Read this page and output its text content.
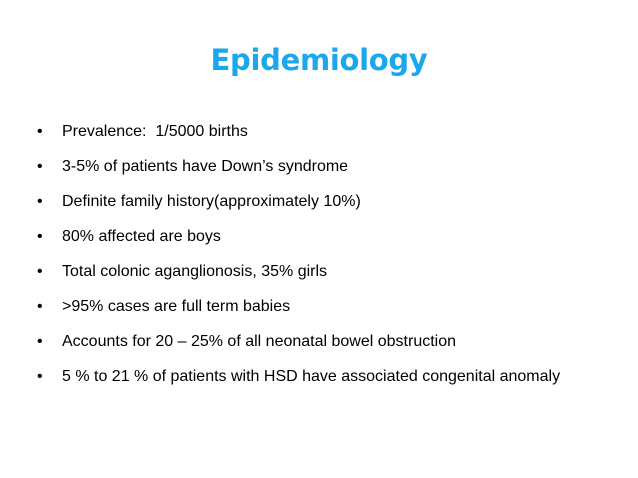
Epidemiology
•	Prevalence:  1/5000 births
•	3-5% of patients have Down’s syndrome
•	Definite family history(approximately 10%)
•	80% affected are boys
•	Total colonic aganglionosis, 35% girls
•	>95% cases are full term babies
•	Accounts for 20 – 25% of all neonatal bowel obstruction
•	5 % to 21 % of patients with HSD have associated congenital anomaly
